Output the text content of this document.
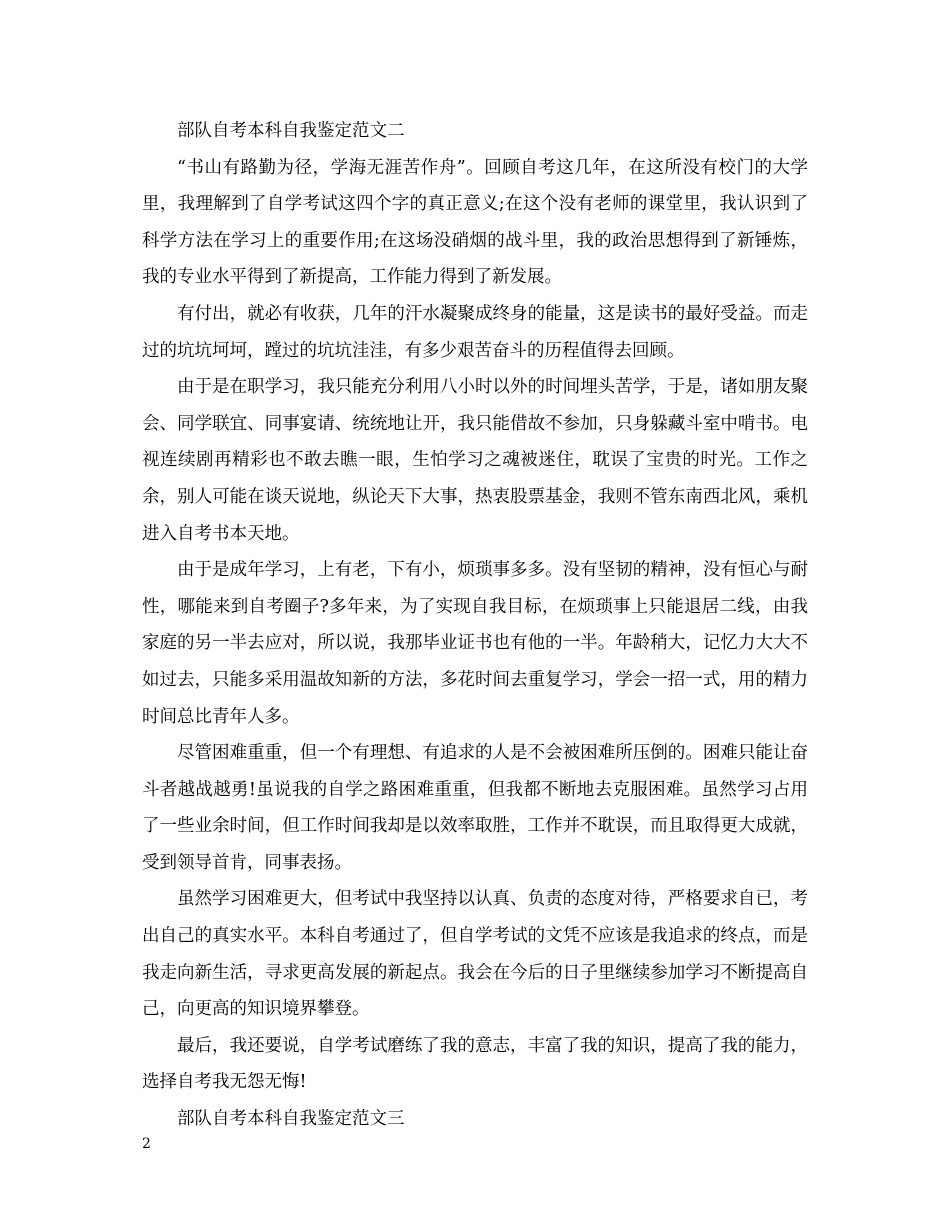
部队自考本科自我鉴定范文二

“书山有路勤为径，学海无涯苦作舟”。回顾自考这几年，在这所没有校门的大学里，我理解到了自学考试这四个字的真正意义;在这个没有老师的课堂里，我认识到了科学方法在学习上的重要作用;在这场没硝烟的战斗里，我的政治思想得到了新锤炼，我的专业水平得到了新提高，工作能力得到了新发展。

有付出，就必有收获，几年的汗水凝聚成终身的能量，这是读书的最好受益。而走过的坑坑坷坷，蹚过的坑坑洼洼，有多少艰苦奋斗的历程值得去回顾。

由于是在职学习，我只能充分利用八小时以外的时间埋头苦学，于是，诸如朋友聚会、同学联宜、同事宴请、统统地让开，我只能借故不参加，只身躲藏斗室中啃书。电视连续剧再精彩也不敢去瞧一眼，生怕学习之魂被迷住，耽误了宝贵的时光。工作之余，别人可能在谈天说地，纵论天下大事，热衷股票基金，我则不管东南西北风，乘机进入自考书本天地。

由于是成年学习，上有老，下有小，烦琐事多多。没有坚韧的精神，没有恒心与耐性，哪能来到自考圈子?多年来，为了实现自我目标，在烦琐事上只能退居二线，由我家庭的另一半去应对，所以说，我那毕业证书也有他的一半。年龄稍大，记忆力大大不如过去，只能多采用温故知新的方法，多花时间去重复学习，学会一招一式，用的精力时间总比青年人多。

尽管困难重重，但一个有理想、有追求的人是不会被困难所压倒的。困难只能让奋斗者越战越勇!虽说我的自学之路困难重重，但我都不断地去克服困难。虽然学习占用了一些业余时间，但工作时间我却是以效率取胜，工作并不耽误，而且取得更大成就，受到领导首肯，同事表扬。

虽然学习困难更大，但考试中我坚持以认真、负责的态度对待，严格要求自已，考出自己的真实水平。本科自考通过了，但自学考试的文凭不应该是我追求的终点，而是我走向新生活，寻求更高发展的新起点。我会在今后的日子里继续参加学习不断提高自己，向更高的知识境界攀登。

最后，我还要说，自学考试磨练了我的意志，丰富了我的知识，提高了我的能力，选择自考我无怨无悔!

部队自考本科自我鉴定范文三

2
